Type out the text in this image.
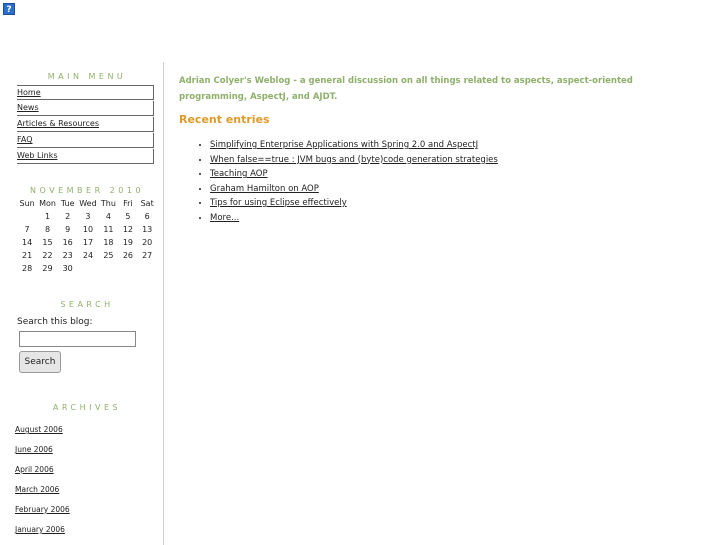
?
MAIN MENU
Home
News
Articles & Resources
FAQ
Web Links
NOVEMBER 2010
Sun	Mon	Tue	Wed	Thu	Fri	Sat
	1	2	3	4	5	6
7	8	9	10	11	12	13
14	15	16	17	18	19	20
21	22	23	24	25	26	27
28	29	30				
SEARCH
Search this blog:
Search
ARCHIVES
August 2006
June 2006
April 2006
March 2006
February 2006
January 2006

Adrian Colyer's Weblog - a general discussion on all things related to aspects, aspect-oriented programming, AspectJ, and AJDT.

Recent entries
• Simplifying Enterprise Applications with Spring 2.0 and AspectJ
• When false==true : JVM bugs and (byte)code generation strategies
• Teaching AOP
• Graham Hamilton on AOP
• Tips for using Eclipse effectively
• More...
